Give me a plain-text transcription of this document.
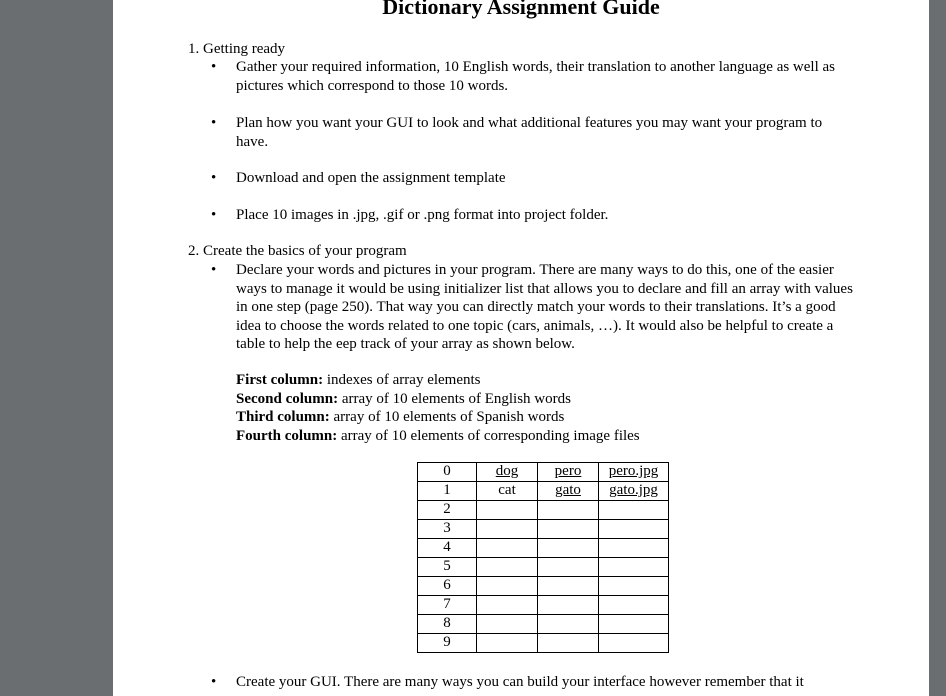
Dictionary Assignment Guide
1. Getting ready
•	Gather your required information, 10 English words, their translation to another language as well as pictures which correspond to those 10 words.
•	Plan how you want your GUI to look and what additional features you may want your program to have.
•	Download and open the assignment template
•	Place 10 images in .jpg, .gif or .png format into project folder.
2. Create the basics of your program
•	Declare your words and pictures in your program. There are many ways to do this, one of the easier ways to manage it would be using initializer list that allows you to declare and fill an array with values in one step (page 250). That way you can directly match your words to their translations. It’s a good idea to choose the words related to one topic (cars, animals, …). It would also be helpful to create a table to help the eep track of your array as shown below.
First column: indexes of array elements
Second column: array of 10 elements of English words
Third column: array of 10 elements of Spanish words
Fourth column: array of 10 elements of corresponding image files
0	dog	pero	pero.jpg
1	cat	gato	gato.jpg
2			
3			
4			
5			
6			
7			
8			
9			
•	Create your GUI. There are many ways you can build your interface however remember that it
